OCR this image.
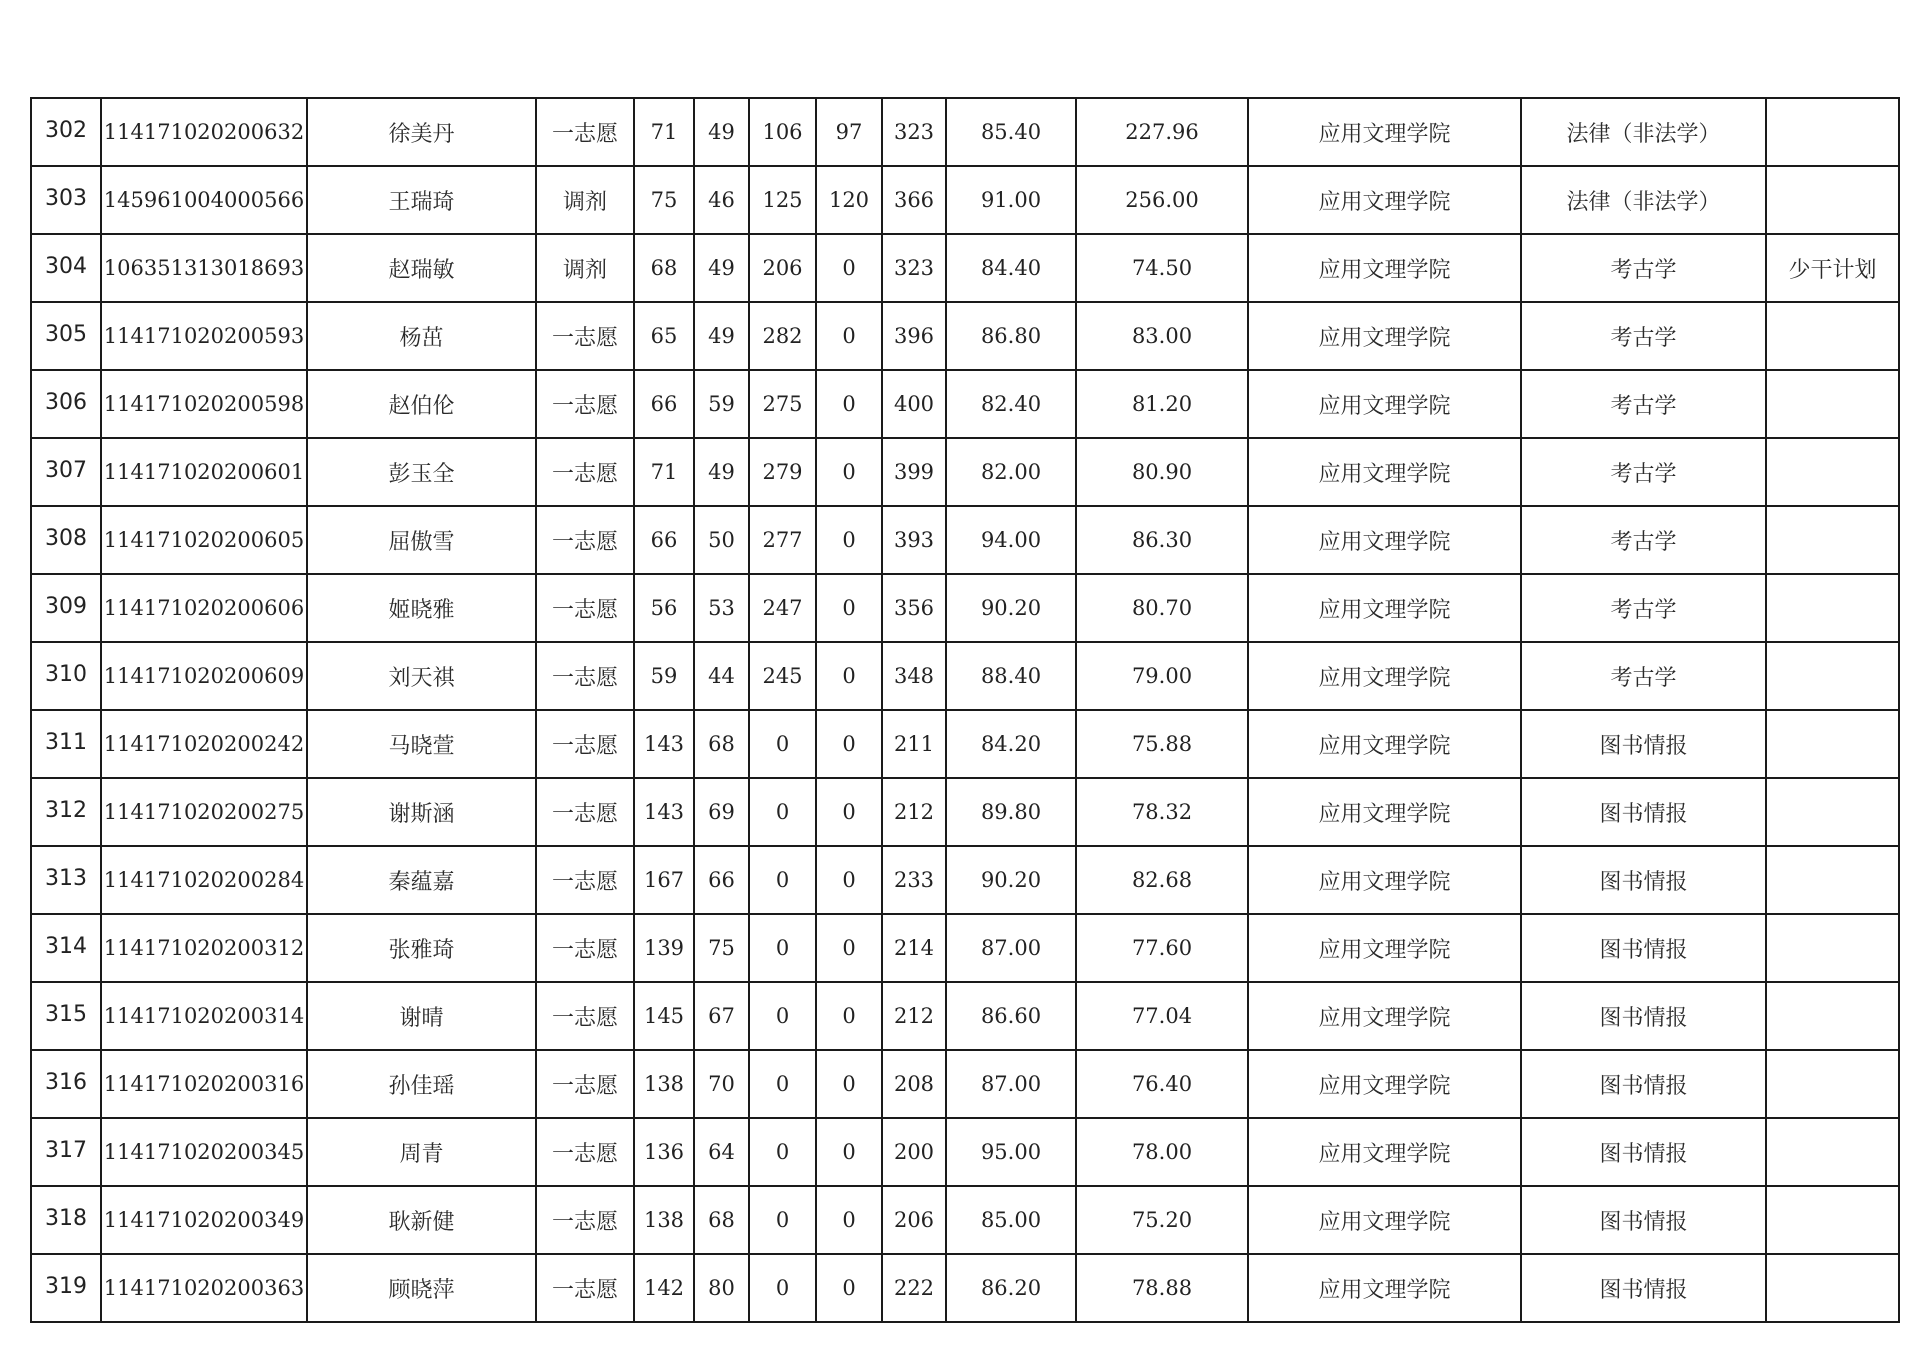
302	114171020200632	徐美丹	一志愿	71	49	106	97	323	85.40	227.96	应用文理学院	法律（非法学）	
303	145961004000566	王瑞琦	调剂	75	46	125	120	366	91.00	256.00	应用文理学院	法律（非法学）	
304	106351313018693	赵瑞敏	调剂	68	49	206	0	323	84.40	74.50	应用文理学院	考古学	少干计划
305	114171020200593	杨茁	一志愿	65	49	282	0	396	86.80	83.00	应用文理学院	考古学	
306	114171020200598	赵伯伦	一志愿	66	59	275	0	400	82.40	81.20	应用文理学院	考古学	
307	114171020200601	彭玉全	一志愿	71	49	279	0	399	82.00	80.90	应用文理学院	考古学	
308	114171020200605	屈傲雪	一志愿	66	50	277	0	393	94.00	86.30	应用文理学院	考古学	
309	114171020200606	姬晓雅	一志愿	56	53	247	0	356	90.20	80.70	应用文理学院	考古学	
310	114171020200609	刘天祺	一志愿	59	44	245	0	348	88.40	79.00	应用文理学院	考古学	
311	114171020200242	马晓萱	一志愿	143	68	0	0	211	84.20	75.88	应用文理学院	图书情报	
312	114171020200275	谢斯涵	一志愿	143	69	0	0	212	89.80	78.32	应用文理学院	图书情报	
313	114171020200284	秦蕴嘉	一志愿	167	66	0	0	233	90.20	82.68	应用文理学院	图书情报	
314	114171020200312	张雅琦	一志愿	139	75	0	0	214	87.00	77.60	应用文理学院	图书情报	
315	114171020200314	谢晴	一志愿	145	67	0	0	212	86.60	77.04	应用文理学院	图书情报	
316	114171020200316	孙佳瑶	一志愿	138	70	0	0	208	87.00	76.40	应用文理学院	图书情报	
317	114171020200345	周青	一志愿	136	64	0	0	200	95.00	78.00	应用文理学院	图书情报	
318	114171020200349	耿新健	一志愿	138	68	0	0	206	85.00	75.20	应用文理学院	图书情报	
319	114171020200363	顾晓萍	一志愿	142	80	0	0	222	86.20	78.88	应用文理学院	图书情报	
